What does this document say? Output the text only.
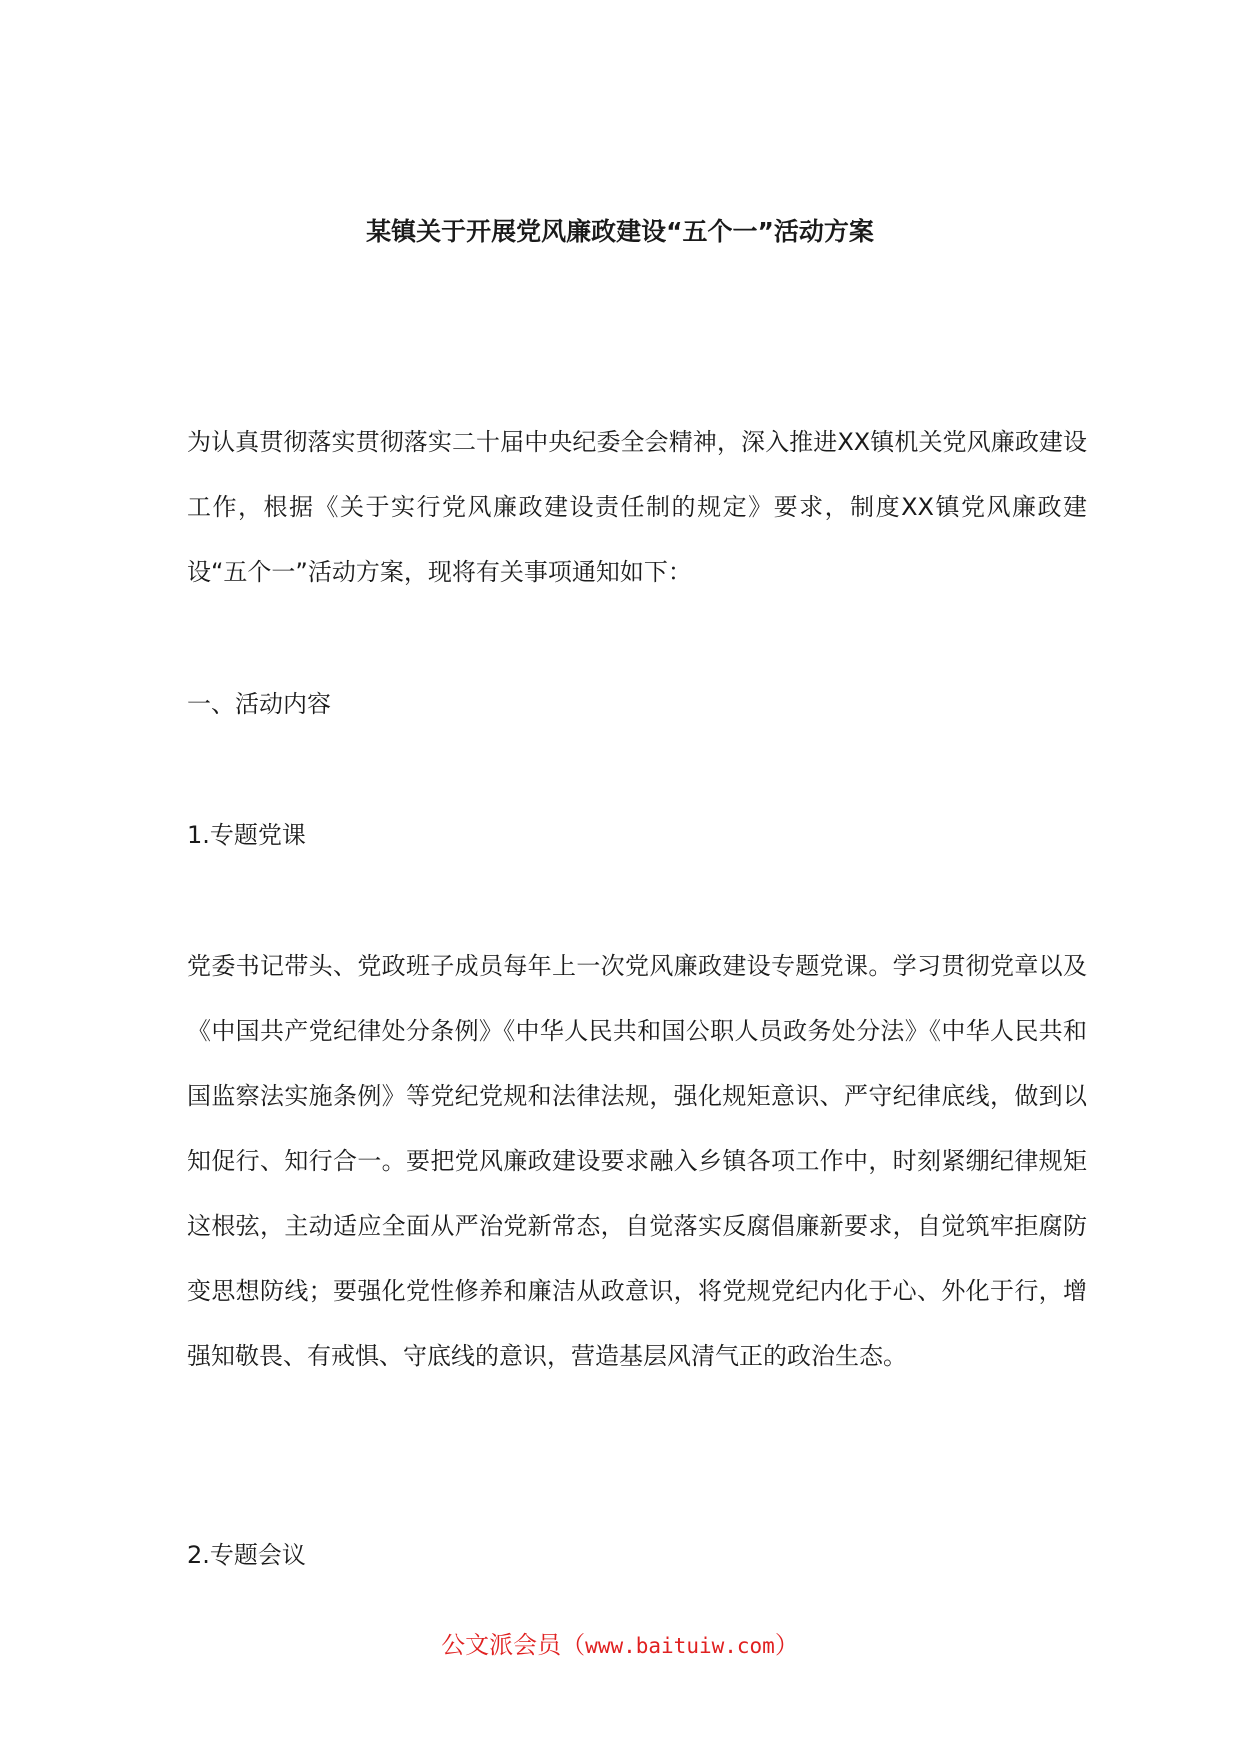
某镇关于开展党风廉政建设“五个一”活动方案

为认真贯彻落实贯彻落实二十届中央纪委全会精神，深入推进XX镇机关党风廉政建设工作，根据《关于实行党风廉政建设责任制的规定》要求，制度XX镇党风廉政建设“五个一”活动方案，现将有关事项通知如下：

一、活动内容
1.专题党课

党委书记带头、党政班子成员每年上一次党风廉政建设专题党课。学习贯彻党章以及《中国共产党纪律处分条例》《中华人民共和国公职人员政务处分法》《中华人民共和国监察法实施条例》等党纪党规和法律法规，强化规矩意识、严守纪律底线，做到以知促行、知行合一。要把党风廉政建设要求融入乡镇各项工作中，时刻紧绷纪律规矩这根弦，主动适应全面从严治党新常态，自觉落实反腐倡廉新要求，自觉筑牢拒腐防变思想防线；要强化党性修养和廉洁从政意识，将党规党纪内化于心、外化于行，增强知敬畏、有戒惧、守底线的意识，营造基层风清气正的政治生态。

2.专题会议
公文派会员（www.baituiw.com）
